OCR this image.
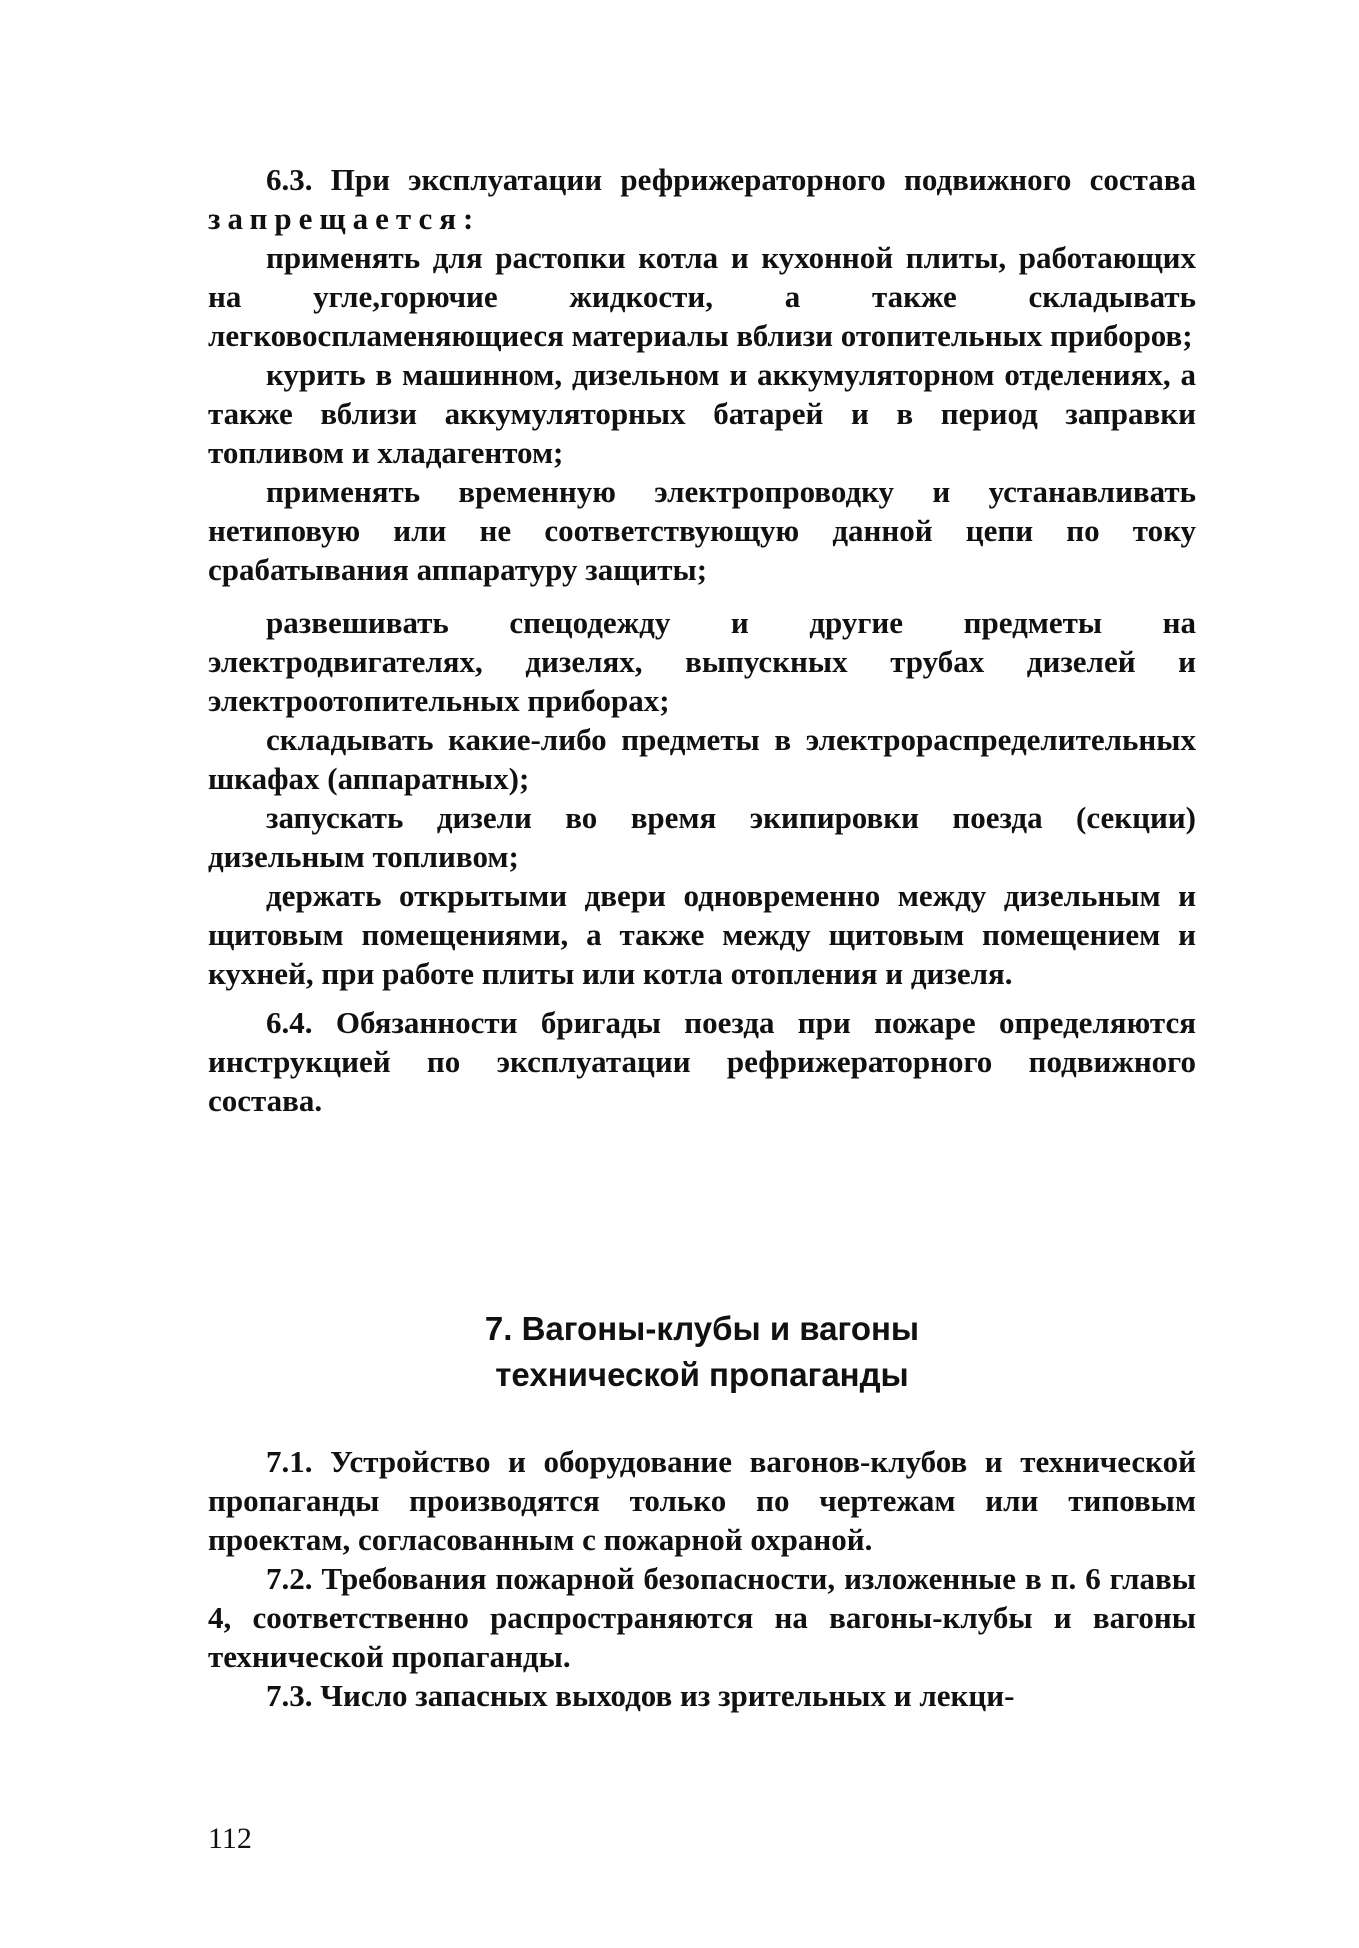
6.3. При эксплуатации рефрижераторного подвижного состава запрещается:

применять для растопки котла и кухонной плиты, работающих на угле,горючие жидкости, а также складывать легковоспламеняющиеся материалы вблизи отопительных приборов;

курить в машинном, дизельном и аккумуляторном отделениях, а также вблизи аккумуляторных батарей и в период заправки топливом и хладагентом;

применять временную электропроводку и устанавливать нетиповую или не соответствующую данной цепи по току срабатывания аппаратуру защиты;

развешивать спецодежду и другие предметы на электродвигателях, дизелях, выпускных трубах дизелей и электроотопительных приборах;

складывать какие-либо предметы в электрораспределительных шкафах (аппаратных);

запускать дизели во время экипировки поезда (секции) дизельным топливом;

держать открытыми двери одновременно между дизельным и щитовым помещениями, а также между щитовым помещением и кухней, при работе плиты или котла отопления и дизеля.

6.4. Обязанности бригады поезда при пожаре определяются инструкцией по эксплуатации рефрижераторного подвижного состава.

7. Вагоны-клубы и вагоны
технической пропаганды

7.1. Устройство и оборудование вагонов-клубов и технической пропаганды производятся только по чертежам или типовым проектам, согласованным с пожарной охраной.

7.2. Требования пожарной безопасности, изложенные в п. 6 главы 4, соответственно распространяются на вагоны-клубы и вагоны технической пропаганды.

7.3. Число запасных выходов из зрительных и лекци-

112
